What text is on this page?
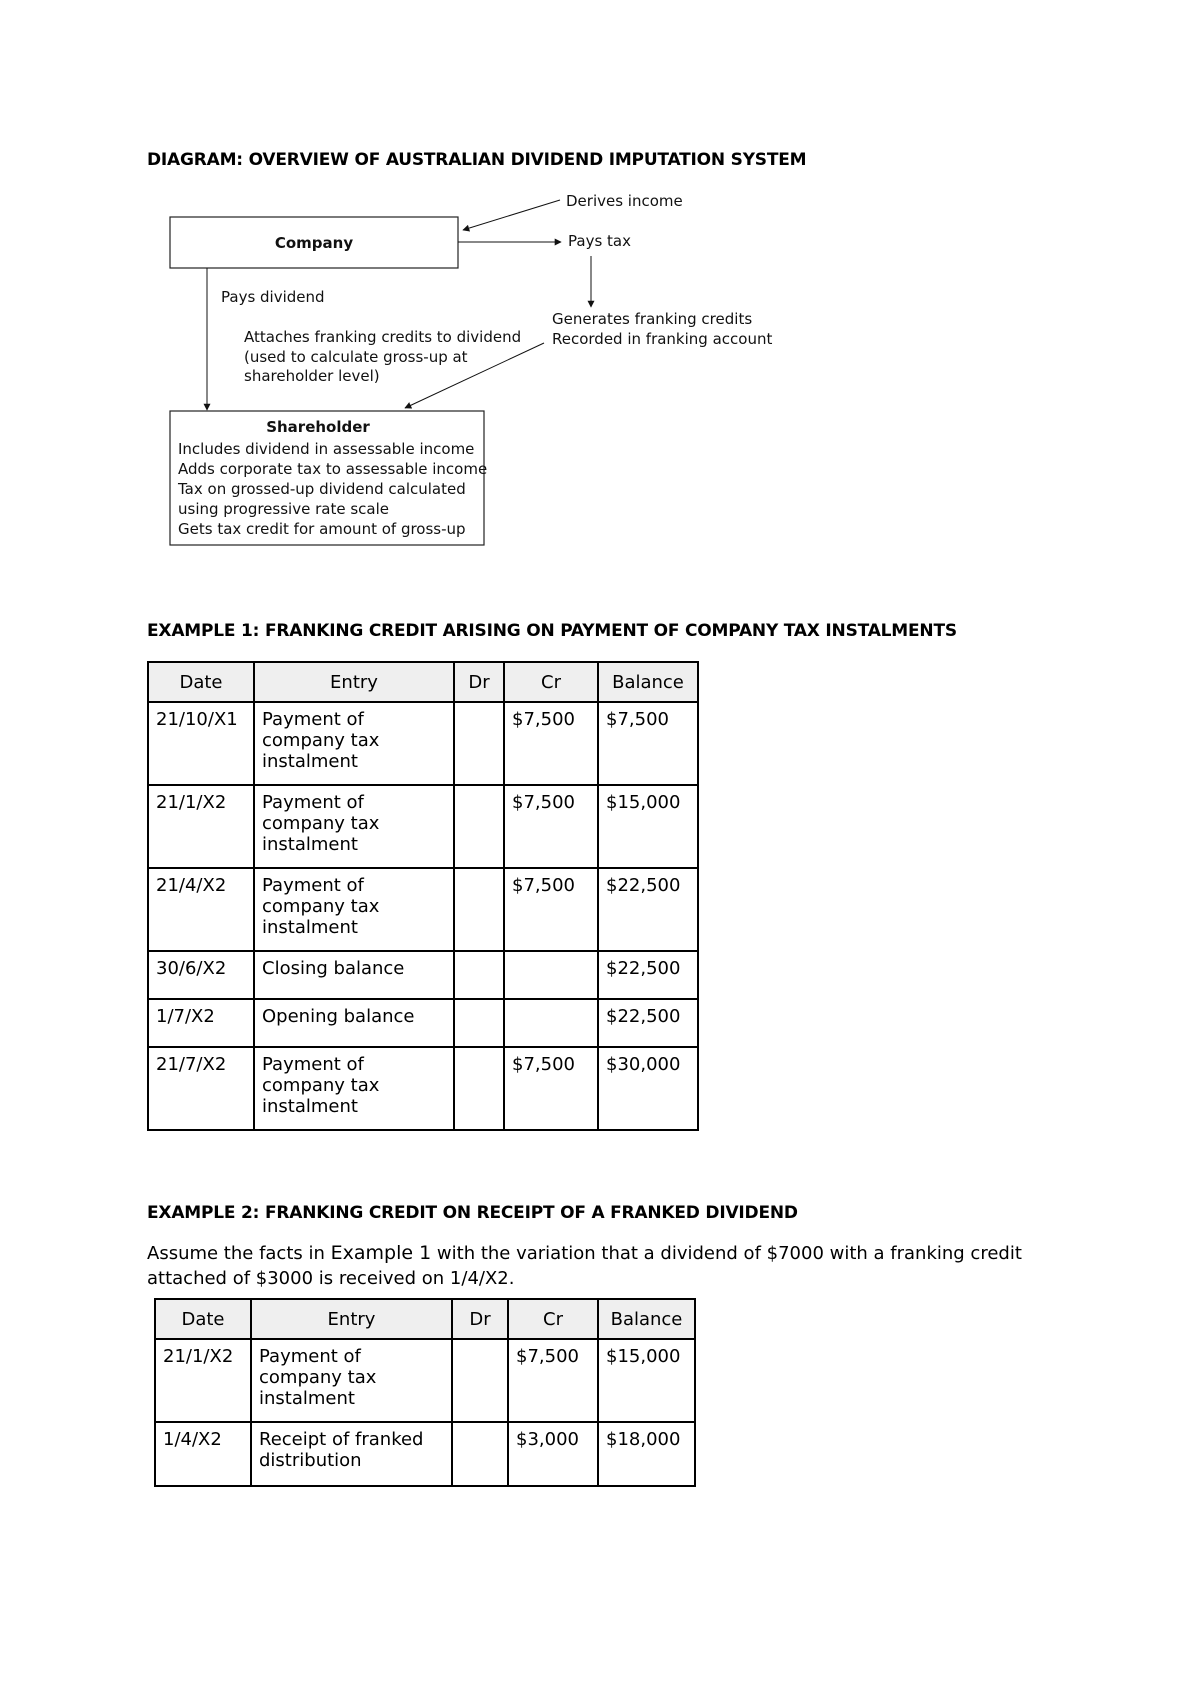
DIAGRAM: OVERVIEW OF AUSTRALIAN DIVIDEND IMPUTATION SYSTEM
Company
Derives income
Pays tax
Generates franking credits
Recorded in franking account
Pays dividend
Attaches franking credits to dividend
(used to calculate gross-up at
shareholder level)
Shareholder
Includes dividend in assessable income
Adds corporate tax to assessable income
Tax on grossed-up dividend calculated
using progressive rate scale
Gets tax credit for amount of gross-up
EXAMPLE 1: FRANKING CREDIT ARISING ON PAYMENT OF COMPANY TAX INSTALMENTS
Date	Entry	Dr	Cr	Balance
21/10/X1	Payment of company tax instalment		$7,500	$7,500
21/1/X2	Payment of company tax instalment		$7,500	$15,000
21/4/X2	Payment of company tax instalment		$7,500	$22,500
30/6/X2	Closing balance			$22,500
1/7/X2	Opening balance			$22,500
21/7/X2	Payment of company tax instalment		$7,500	$30,000
EXAMPLE 2: FRANKING CREDIT ON RECEIPT OF A FRANKED DIVIDEND

Assume the facts in Example 1 with the variation that a dividend of $7000 with a franking credit attached of $3000 is received on 1/4/X2.

Date	Entry	Dr	Cr	Balance
21/1/X2	Payment of company tax instalment		$7,500	$15,000
1/4/X2	Receipt of franked distribution		$3,000	$18,000
